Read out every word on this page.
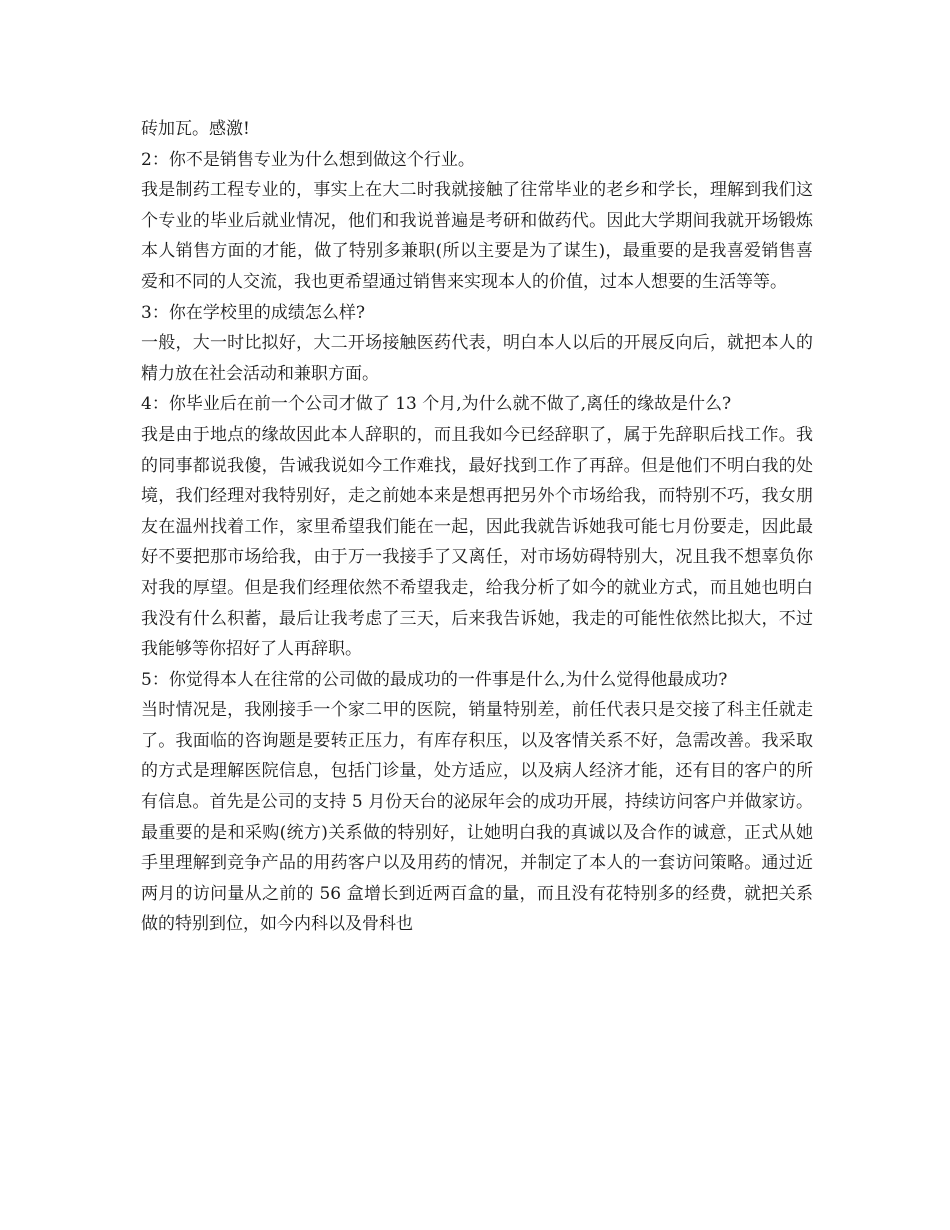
砖加瓦。感激!

2：你不是销售专业为什么想到做这个行业。

我是制药工程专业的，事实上在大二时我就接触了往常毕业的老乡和学长，理解到我们这个专业的毕业后就业情况，他们和我说普遍是考研和做药代。因此大学期间我就开场锻炼本人销售方面的才能，做了特别多兼职(所以主要是为了谋生)，最重要的是我喜爱销售喜爱和不同的人交流，我也更希望通过销售来实现本人的价值，过本人想要的生活等等。

3：你在学校里的成绩怎么样?

一般，大一时比拟好，大二开场接触医药代表，明白本人以后的开展反向后，就把本人的精力放在社会活动和兼职方面。

4：你毕业后在前一个公司才做了 13 个月,为什么就不做了,离任的缘故是什么?

我是由于地点的缘故因此本人辞职的，而且我如今已经辞职了，属于先辞职后找工作。我的同事都说我傻，告诫我说如今工作难找，最好找到工作了再辞。但是他们不明白我的处境，我们经理对我特别好，走之前她本来是想再把另外个市场给我，而特别不巧，我女朋友在温州找着工作，家里希望我们能在一起，因此我就告诉她我可能七月份要走，因此最好不要把那市场给我，由于万一我接手了又离任，对市场妨碍特别大，况且我不想辜负你对我的厚望。但是我们经理依然不希望我走，给我分析了如今的就业方式，而且她也明白我没有什么积蓄，最后让我考虑了三天，后来我告诉她，我走的可能性依然比拟大，不过我能够等你招好了人再辞职。

5：你觉得本人在往常的公司做的最成功的一件事是什么,为什么觉得他最成功?

当时情况是，我刚接手一个家二甲的医院，销量特别差，前任代表只是交接了科主任就走了。我面临的咨询题是要转正压力，有库存积压，以及客情关系不好，急需改善。我采取的方式是理解医院信息，包括门诊量，处方适应，以及病人经济才能，还有目的客户的所有信息。首先是公司的支持 5 月份天台的泌尿年会的成功开展，持续访问客户并做家访。最重要的是和采购(统方)关系做的特别好，让她明白我的真诚以及合作的诚意，正式从她手里理解到竞争产品的用药客户以及用药的情况，并制定了本人的一套访问策略。通过近两月的访问量从之前的 56 盒增长到近两百盒的量，而且没有花特别多的经费，就把关系做的特别到位，如今内科以及骨科也
